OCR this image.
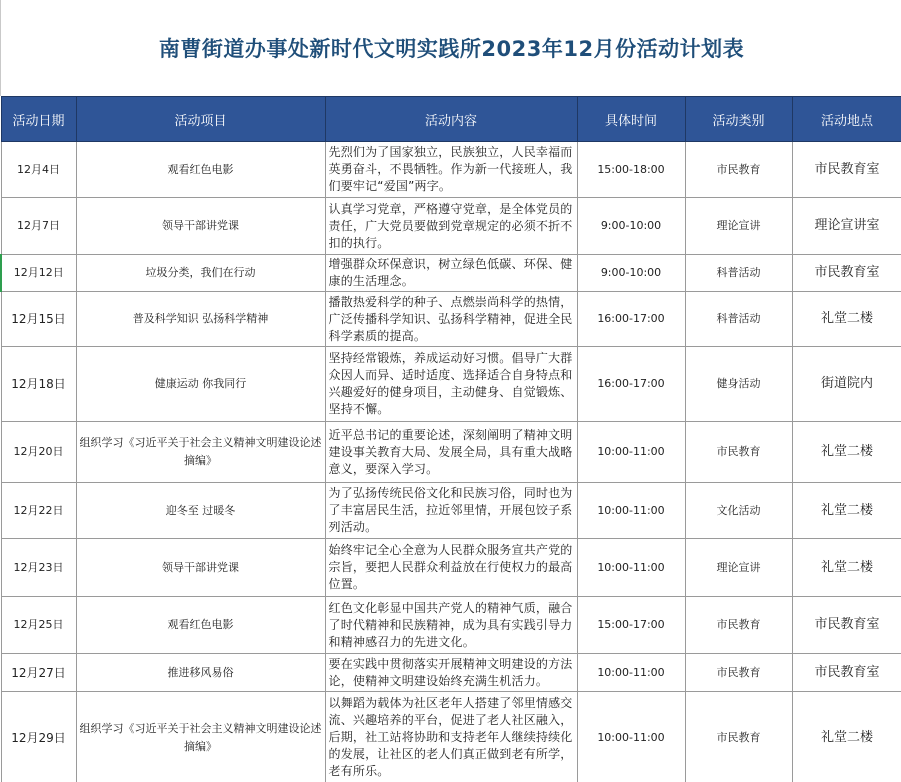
南曹街道办事处新时代文明实践所2023年12月份活动计划表
活动日期	活动项目	活动内容	具体时间	活动类别	活动地点
12月4日	观看红色电影	先烈们为了国家独立，民族独立，人民幸福而英勇奋斗，不畏牺牲。作为新一代接班人，我们要牢记“爱国”两字。	15:00-18:00	市民教育	市民教育室
12月7日	领导干部讲党课	认真学习党章，严格遵守党章，是全体党员的责任，广大党员要做到党章规定的必须不折不扣的执行。	9:00-10:00	理论宣讲	理论宣讲室
12月12日	垃圾分类，我们在行动	增强群众环保意识，树立绿色低碳、环保、健康的生活理念。	9:00-10:00	科普活动	市民教育室
12月15日	普及科学知识 弘扬科学精神	播散热爱科学的种子、点燃崇尚科学的热情，广泛传播科学知识、弘扬科学精神，促进全民科学素质的提高。	16:00-17:00	科普活动	礼堂二楼
12月18日	健康运动 你我同行	坚持经常锻炼，养成运动好习惯。倡导广大群众因人而异、适时适度、选择适合自身特点和兴趣爱好的健身项目，主动健身、自觉锻炼、坚持不懈。	16:00-17:00	健身活动	街道院内
12月20日	组织学习《习近平关于社会主义精神文明建设论述摘编》	近平总书记的重要论述，深刻阐明了精神文明建设事关教育大局、发展全局，具有重大战略意义，要深入学习。	10:00-11:00	市民教育	礼堂二楼
12月22日	迎冬至 过暖冬	为了弘扬传统民俗文化和民族习俗，同时也为了丰富居民生活，拉近邻里情，开展包饺子系列活动。	10:00-11:00	文化活动	礼堂二楼
12月23日	领导干部讲党课	始终牢记全心全意为人民群众服务宣共产党的宗旨，要把人民群众利益放在行使权力的最高位置。	10:00-11:00	理论宣讲	礼堂二楼
12月25日	观看红色电影	红色文化彰显中国共产党人的精神气质，融合了时代精神和民族精神，成为具有实践引导力和精神感召力的先进文化。	15:00-17:00	市民教育	市民教育室
12月27日	推进移风易俗	要在实践中贯彻落实开展精神文明建设的方法论，使精神文明建设始终充满生机活力。	10:00-11:00	市民教育	市民教育室
12月29日	组织学习《习近平关于社会主义精神文明建设论述摘编》	以舞蹈为载体为社区老年人搭建了邻里情感交流、兴趣培养的平台，促进了老人社区融入，后期，社工站将协助和支持老年人继续持续化的发展，让社区的老人们真正做到老有所学，老有所乐。	10:00-11:00	市民教育	礼堂二楼
